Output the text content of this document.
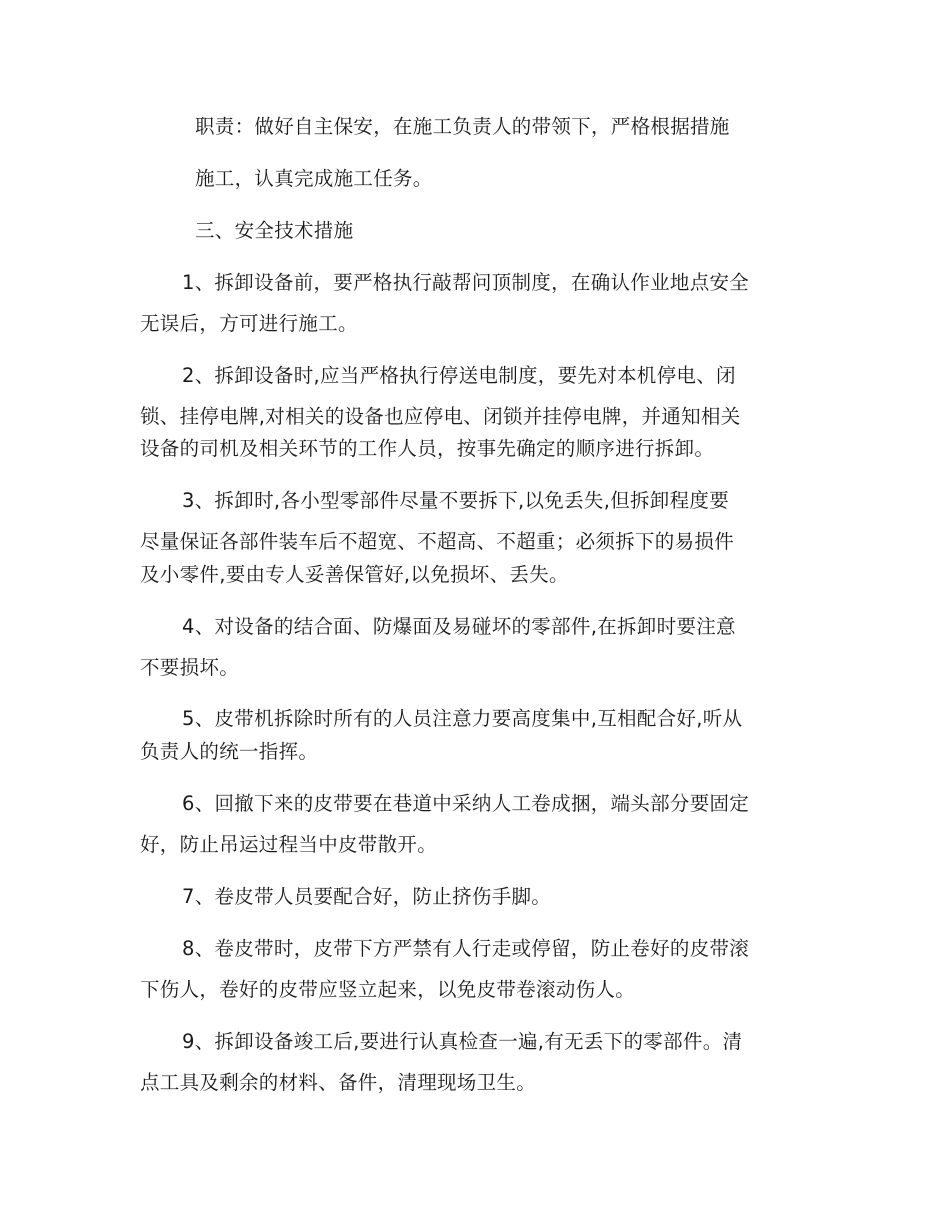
职责：做好自主保安，在施工负责人的带领下，严格根据措施
施工，认真完成施工任务。
三、安全技术措施
1、拆卸设备前，要严格执行敲帮问顶制度，在确认作业地点安全
无误后，方可进行施工。
2、拆卸设备时,应当严格执行停送电制度，要先对本机停电、闭
锁、挂停电牌,对相关的设备也应停电、闭锁并挂停电牌，并通知相关
设备的司机及相关环节的工作人员，按事先确定的顺序进行拆卸。
3、拆卸时,各小型零部件尽量不要拆下,以免丢失,但拆卸程度要
尽量保证各部件装车后不超宽、不超高、不超重；必须拆下的易损件
及小零件,要由专人妥善保管好,以免损坏、丢失。
4、对设备的结合面、防爆面及易碰坏的零部件,在拆卸时要注意
不要损坏。
5、皮带机拆除时所有的人员注意力要高度集中,互相配合好,听从
负责人的统一指挥。
6、回撤下来的皮带要在巷道中采纳人工卷成捆，端头部分要固定
好，防止吊运过程当中皮带散开。
7、卷皮带人员要配合好，防止挤伤手脚。
8、卷皮带时，皮带下方严禁有人行走或停留，防止卷好的皮带滚
下伤人，卷好的皮带应竖立起来，以免皮带卷滚动伤人。
9、拆卸设备竣工后,要进行认真检查一遍,有无丢下的零部件。清
点工具及剩余的材料、备件，清理现场卫生。
